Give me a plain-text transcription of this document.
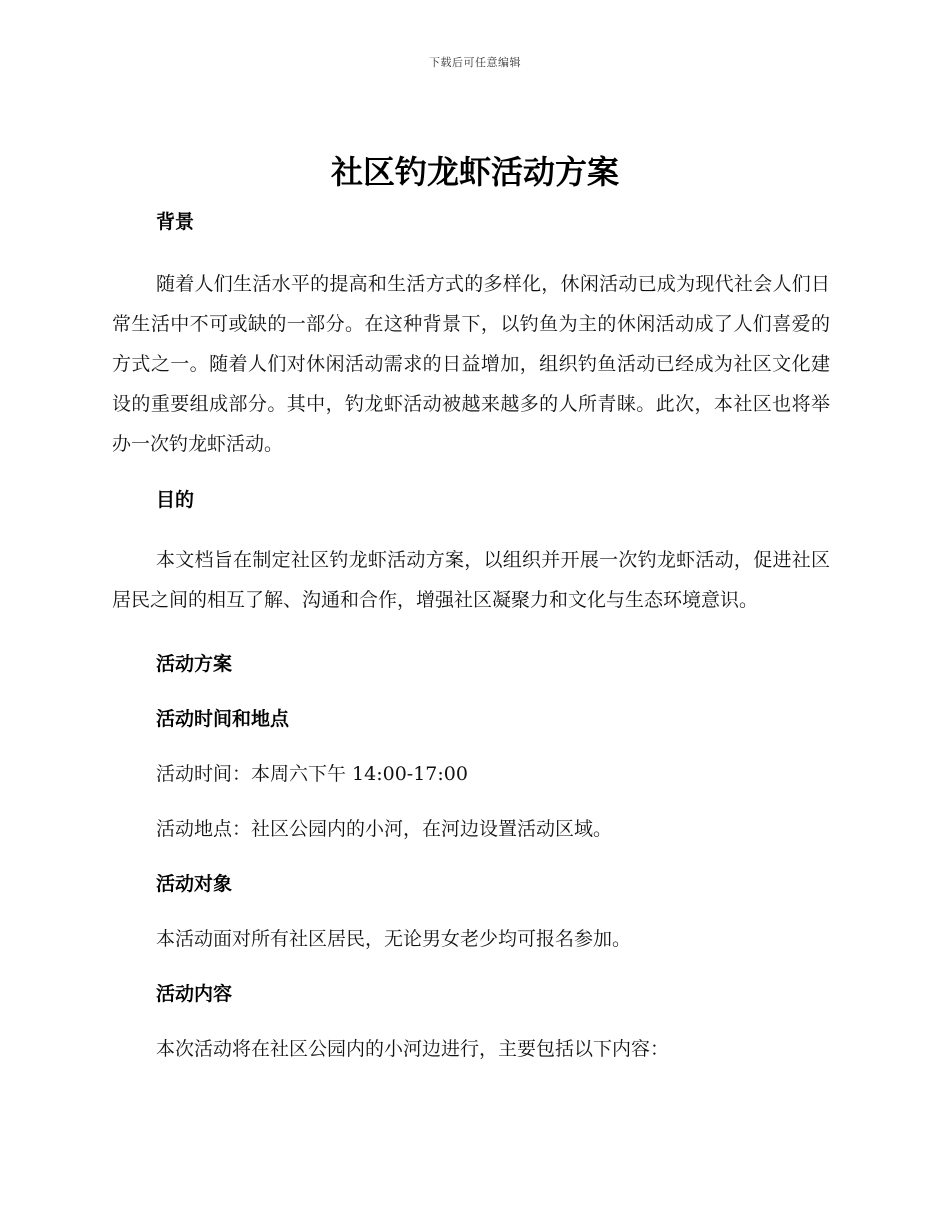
下载后可任意编辑
社区钓龙虾活动方案
背景

随着人们生活水平的提高和生活方式的多样化，休闲活动已成为现代社会人们日常生活中不可或缺的一部分。在这种背景下，以钓鱼为主的休闲活动成了人们喜爱的方式之一。随着人们对休闲活动需求的日益增加，组织钓鱼活动已经成为社区文化建设的重要组成部分。其中，钓龙虾活动被越来越多的人所青睐。此次，本社区也将举办一次钓龙虾活动。

目的

本文档旨在制定社区钓龙虾活动方案，以组织并开展一次钓龙虾活动，促进社区居民之间的相互了解、沟通和合作，增强社区凝聚力和文化与生态环境意识。

活动方案
活动时间和地点

活动时间：本周六下午 14:00-17:00

活动地点：社区公园内的小河，在河边设置活动区域。

活动对象

本活动面对所有社区居民，无论男女老少均可报名参加。

活动内容

本次活动将在社区公园内的小河边进行，主要包括以下内容：
